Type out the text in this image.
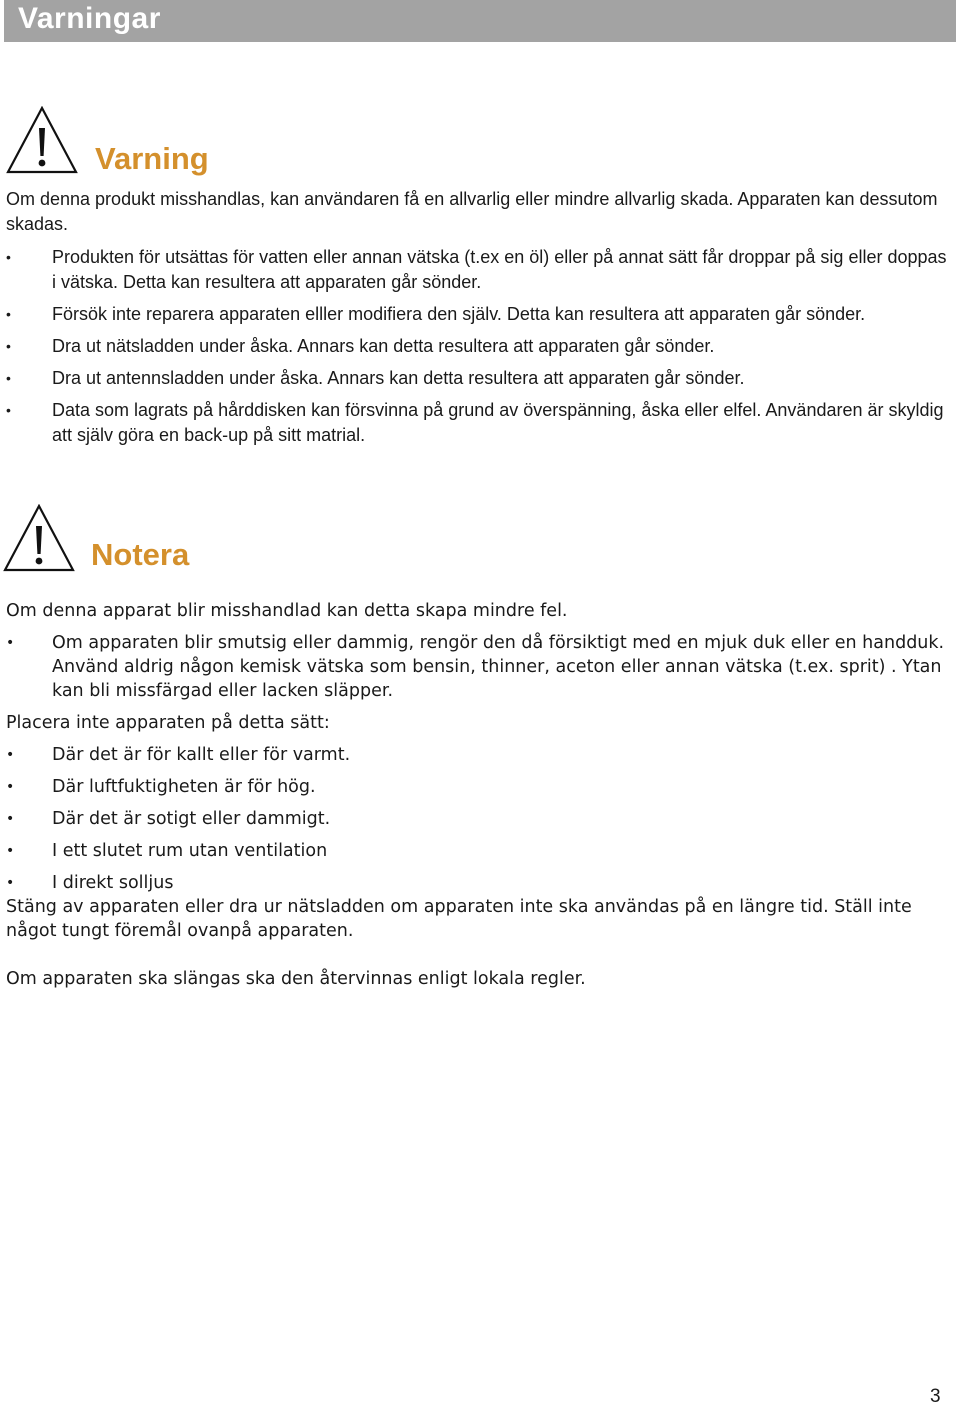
Varningar
Varning

Om denna produkt misshandlas, kan användaren få en allvarlig eller mindre allvarlig skada. Apparaten kan dessutom skadas.

• Produkten för utsättas för vatten eller annan vätska (t.ex en öl) eller på annat sätt får droppar på sig eller doppas i vätska. Detta kan resultera att apparaten går sönder.
• Försök inte reparera apparaten elller modifiera den själv. Detta kan resultera att apparaten går sönder.
• Dra ut nätsladden under åska. Annars kan detta resultera att apparaten går sönder.
• Dra ut antennsladden under åska. Annars kan detta resultera att apparaten går sönder.
• Data som lagrats på hårddisken kan försvinna på grund av överspänning, åska eller elfel. Användaren är skyldig att själv göra en back-up på sitt matrial.
Notera

Om denna apparat blir misshandlad kan detta skapa mindre fel.

• Om apparaten blir smutsig eller dammig, rengör den då försiktigt med en mjuk duk eller en handduk. Använd aldrig någon kemisk vätska som bensin, thinner, aceton eller annan vätska (t.ex. sprit) . Ytan kan bli missfärgad eller lacken släpper.

Placera inte apparaten på detta sätt:

• Där det är för kallt eller för varmt.
• Där luftfuktigheten är för hög.
• Där det är sotigt eller dammigt.
• I ett slutet rum utan ventilation
• I direkt solljus

Stäng av apparaten eller dra ur nätsladden om apparaten inte ska användas på en längre tid. Ställ inte något tungt föremål ovanpå apparaten.

Om apparaten ska slängas ska den återvinnas enligt lokala regler.

3
